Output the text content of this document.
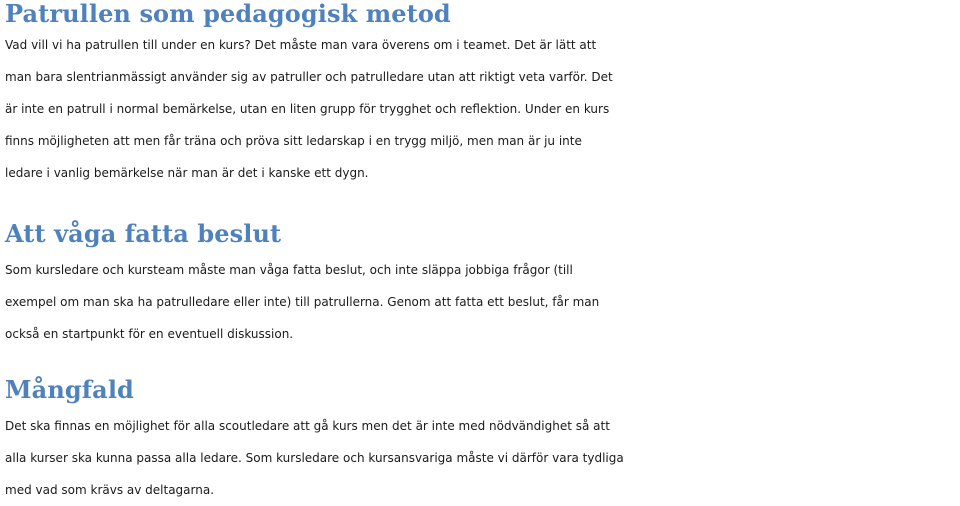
Patrullen som pedagogisk metod

Vad vill vi ha patrullen till under en kurs? Det måste man vara överens om i teamet. Det är lätt att
man bara slentrianmässigt använder sig av patruller och patrulledare utan att riktigt veta varför. Det
är inte en patrull i normal bemärkelse, utan en liten grupp för trygghet och reflektion. Under en kurs
finns möjligheten att men får träna och pröva sitt ledarskap i en trygg miljö, men man är ju inte
ledare i vanlig bemärkelse när man är det i kanske ett dygn.

Att våga fatta beslut

Som kursledare och kursteam måste man våga fatta beslut, och inte släppa jobbiga frågor (till
exempel om man ska ha patrulledare eller inte) till patrullerna. Genom att fatta ett beslut, får man
också en startpunkt för en eventuell diskussion.

Mångfald

Det ska finnas en möjlighet för alla scoutledare att gå kurs men det är inte med nödvändighet så att
alla kurser ska kunna passa alla ledare. Som kursledare och kursansvariga måste vi därför vara tydliga
med vad som krävs av deltagarna.
